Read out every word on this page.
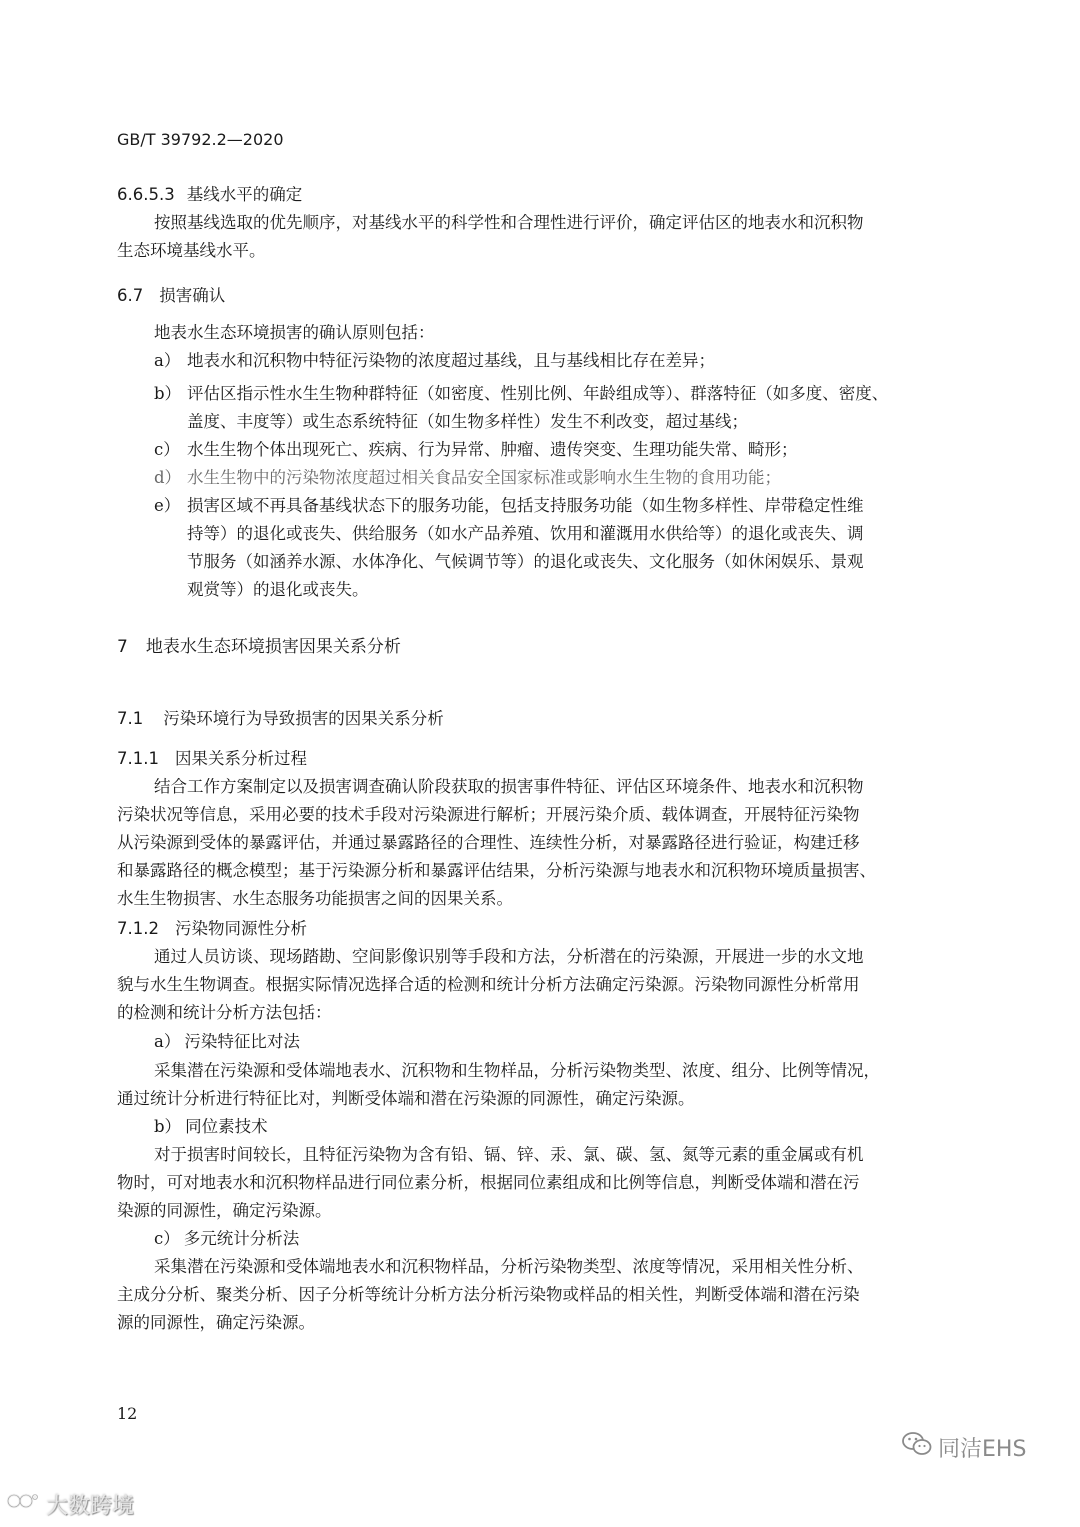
GB/T 39792.2—2020
6.6.5.3 基线水平的确定
按照基线选取的优先顺序，对基线水平的科学性和合理性进行评价，确定评估区的地表水和沉积物
生态环境基线水平。
6.7 损害确认
地表水生态环境损害的确认原则包括：
a） 地表水和沉积物中特征污染物的浓度超过基线，且与基线相比存在差异；
b） 评估区指示性水生生物种群特征（如密度、性别比例、年龄组成等）、群落特征（如多度、密度、
盖度、丰度等）或生态系统特征（如生物多样性）发生不利改变，超过基线；
c） 水生生物个体出现死亡、疾病、行为异常、肿瘤、遗传突变、生理功能失常、畸形；
d） 水生生物中的污染物浓度超过相关食品安全国家标准或影响水生生物的食用功能；
e） 损害区域不再具备基线状态下的服务功能，包括支持服务功能（如生物多样性、岸带稳定性维
持等）的退化或丧失、供给服务（如水产品养殖、饮用和灌溉用水供给等）的退化或丧失、调
节服务（如涵养水源、水体净化、气候调节等）的退化或丧失、文化服务（如休闲娱乐、景观
观赏等）的退化或丧失。
7 地表水生态环境损害因果关系分析
7.1 污染环境行为导致损害的因果关系分析
7.1.1 因果关系分析过程
结合工作方案制定以及损害调查确认阶段获取的损害事件特征、评估区环境条件、地表水和沉积物
污染状况等信息，采用必要的技术手段对污染源进行解析；开展污染介质、载体调查，开展特征污染物
从污染源到受体的暴露评估，并通过暴露路径的合理性、连续性分析，对暴露路径进行验证，构建迁移
和暴露路径的概念模型；基于污染源分析和暴露评估结果，分析污染源与地表水和沉积物环境质量损害、
水生生物损害、水生态服务功能损害之间的因果关系。
7.1.2 污染物同源性分析
通过人员访谈、现场踏勘、空间影像识别等手段和方法，分析潜在的污染源，开展进一步的水文地
貌与水生生物调查。根据实际情况选择合适的检测和统计分析方法确定污染源。污染物同源性分析常用
的检测和统计分析方法包括：
a） 污染特征比对法
采集潜在污染源和受体端地表水、沉积物和生物样品，分析污染物类型、浓度、组分、比例等情况，
通过统计分析进行特征比对，判断受体端和潜在污染源的同源性，确定污染源。
b） 同位素技术
对于损害时间较长，且特征污染物为含有铅、镉、锌、汞、氯、碳、氢、氮等元素的重金属或有机
物时，可对地表水和沉积物样品进行同位素分析，根据同位素组成和比例等信息，判断受体端和潜在污
染源的同源性，确定污染源。
c） 多元统计分析法
采集潜在污染源和受体端地表水和沉积物样品，分析污染物类型、浓度等情况，采用相关性分析、
主成分分析、聚类分析、因子分析等统计分析方法分析污染物或样品的相关性，判断受体端和潜在污染
源的同源性，确定污染源。
12
同洁EHS
大数跨境
